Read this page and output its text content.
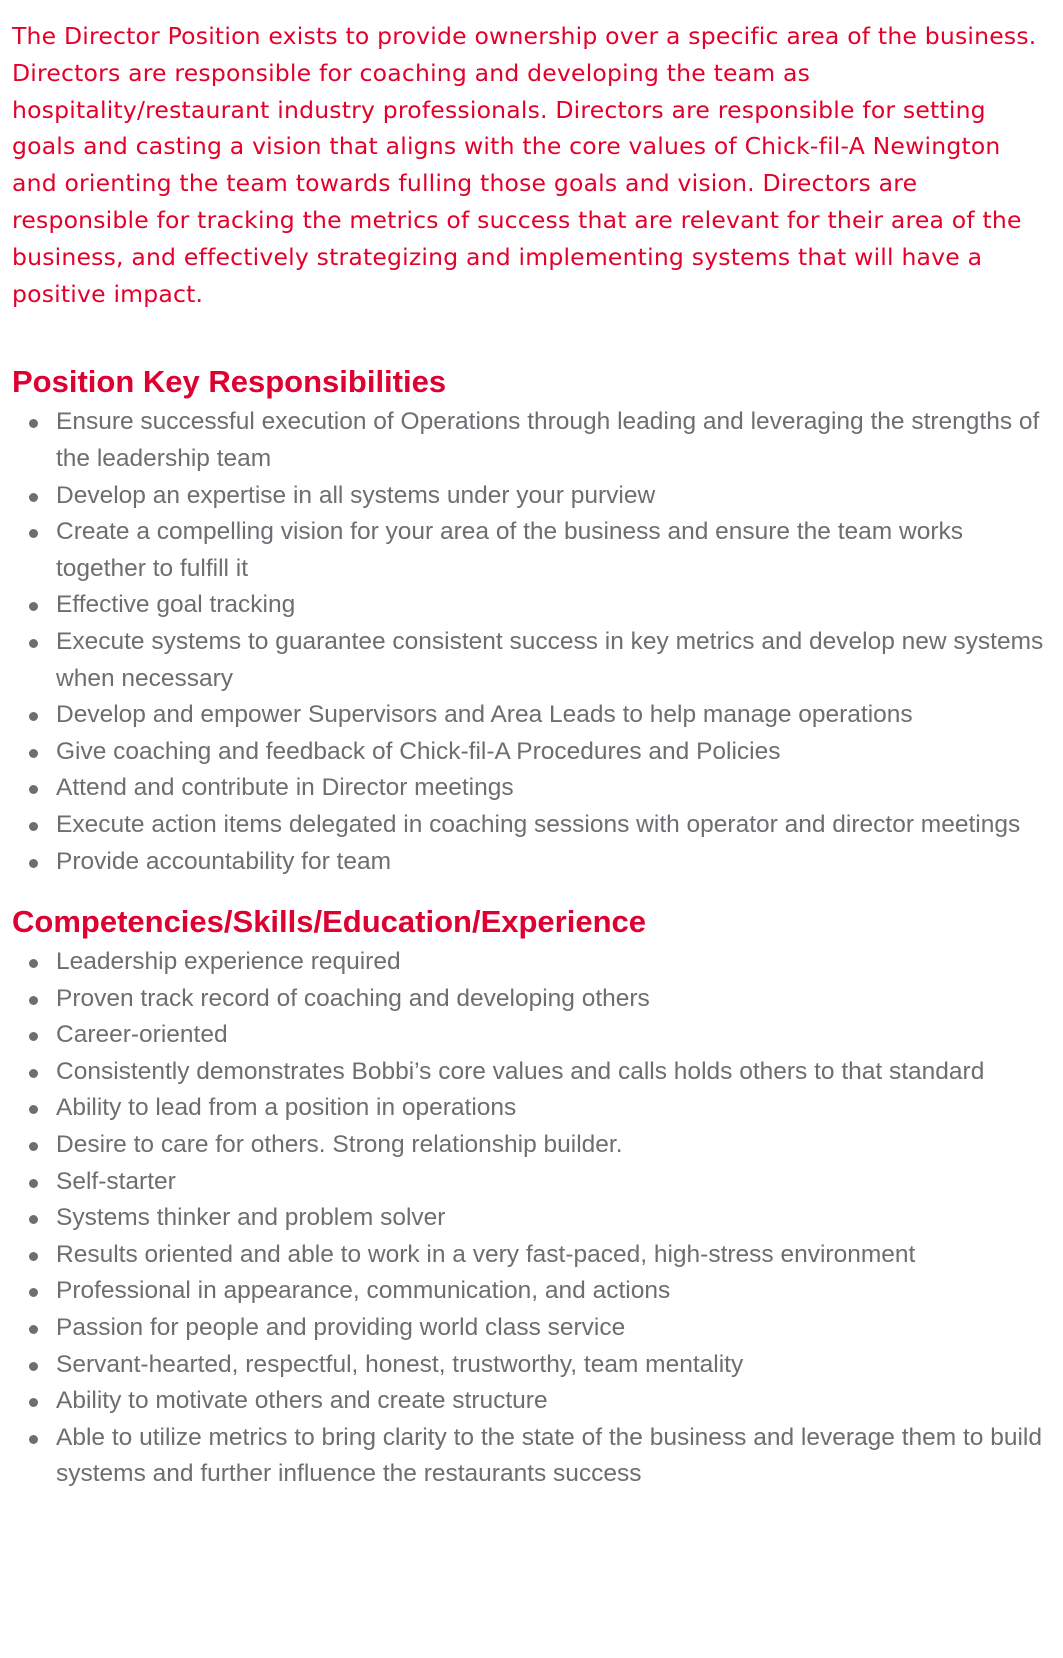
The Director Position exists to provide ownership over a specific area of the business. Directors are responsible for coaching and developing the team as hospitality/restaurant industry professionals. Directors are responsible for setting goals and casting a vision that aligns with the core values of Chick-fil-A Newington and orienting the team towards fulling those goals and vision. Directors are responsible for tracking the metrics of success that are relevant for their area of the business, and effectively strategizing and implementing systems that will have a positive impact.

Position Key Responsibilities
Ensure successful execution of Operations through leading and leveraging the strengths of the leadership team
Develop an expertise in all systems under your purview
Create a compelling vision for your area of the business and ensure the team works together to fulfill it
Effective goal tracking
Execute systems to guarantee consistent success in key metrics and develop new systems when necessary
Develop and empower Supervisors and Area Leads to help manage operations
Give coaching and feedback of Chick-fil-A Procedures and Policies
Attend and contribute in Director meetings
Execute action items delegated in coaching sessions with operator and director meetings
Provide accountability for team
Competencies/Skills/Education/Experience
Leadership experience required
Proven track record of coaching and developing others
Career-oriented
Consistently demonstrates Bobbi’s core values and calls holds others to that standard
Ability to lead from a position in operations
Desire to care for others. Strong relationship builder.
Self-starter
Systems thinker and problem solver
Results oriented and able to work in a very fast-paced, high-stress environment
Professional in appearance, communication, and actions
Passion for people and providing world class service
Servant-hearted, respectful, honest, trustworthy, team mentality
Ability to motivate others and create structure
Able to utilize metrics to bring clarity to the state of the business and leverage them to build systems and further influence the restaurants success
